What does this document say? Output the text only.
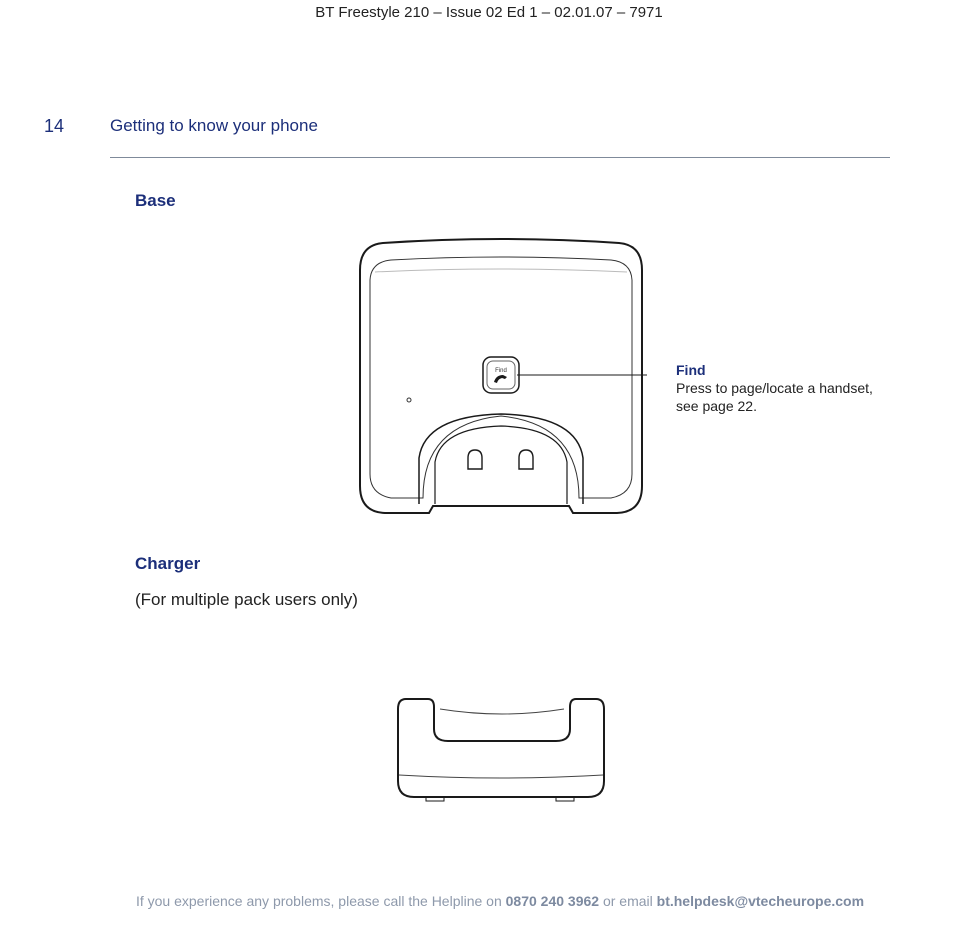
BT Freestyle 210 – Issue 02 Ed 1 – 02.01.07 – 7971
14	Getting to know your phone
Base
Find	Find
Press to page/locate a handset,
see page 22.
Charger
(For multiple pack users only)
If you experience any problems, please call the Helpline on 0870 240 3962 or email bt.helpdesk@vtecheurope.com
